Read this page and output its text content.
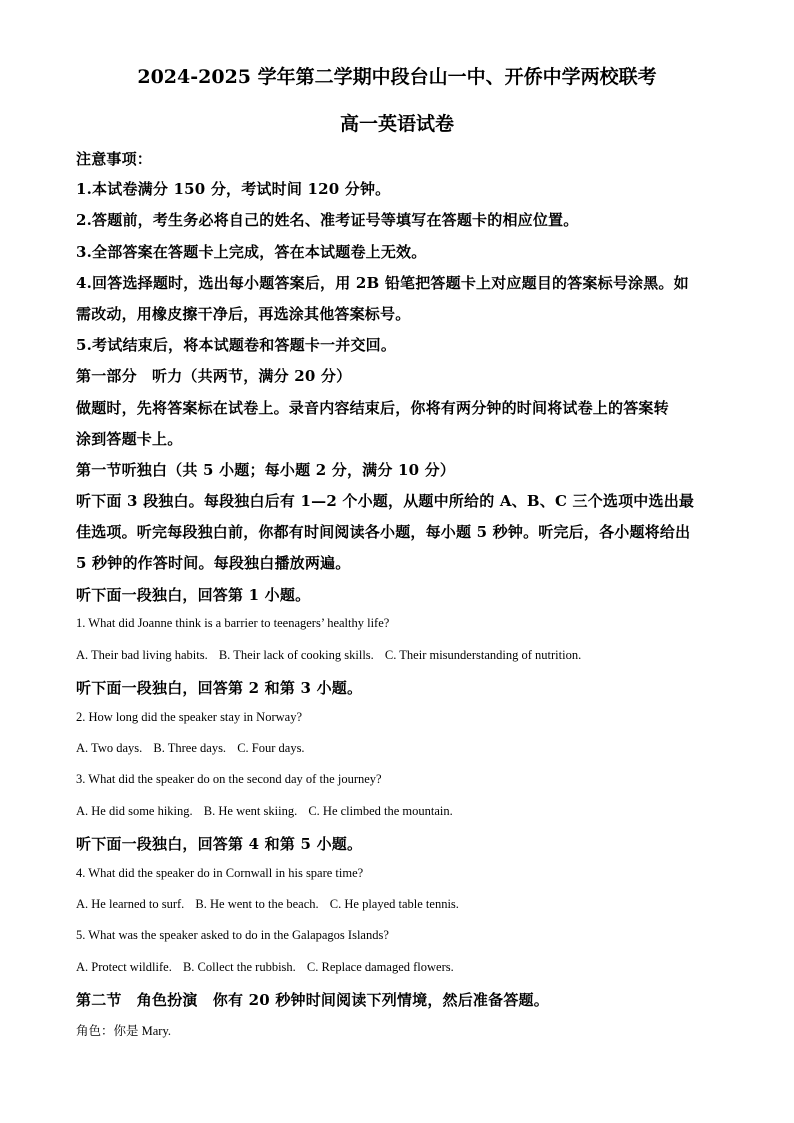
2024-2025 学年第二学期中段台山一中、开侨中学两校联考
高一英语试卷
注意事项：
1.本试卷满分 150 分，考试时间 120 分钟。
2.答题前，考生务必将自己的姓名、准考证号等填写在答题卡的相应位置。
3.全部答案在答题卡上完成，答在本试题卷上无效。
4.回答选择题时，选出每小题答案后，用 2B 铅笔把答题卡上对应题目的答案标号涂黑。如
需改动，用橡皮擦干净后，再选涂其他答案标号。
5.考试结束后，将本试题卷和答题卡一并交回。
第一部分　听力（共两节，满分 20 分）
做题时，先将答案标在试卷上。录音内容结束后，你将有两分钟的时间将试卷上的答案转
涂到答题卡上。
第一节听独白（共 5 小题；每小题 2 分，满分 10 分）
听下面 3 段独白。每段独白后有 1—2 个小题，从题中所给的 A、B、C 三个选项中选出最
佳选项。听完每段独白前，你都有时间阅读各小题，每小题 5 秒钟。听完后，各小题将给出
5 秒钟的作答时间。每段独白播放两遍。
听下面一段独白，回答第 1 小题。
1. What did Joanne think is a barrier to teenagers’ healthy life?
A. Their bad living habits. B. Their lack of cooking skills. C. Their misunderstanding of nutrition.
听下面一段独白，回答第 2 和第 3 小题。
2. How long did the speaker stay in Norway?
A. Two days. B. Three days. C. Four days.
3. What did the speaker do on the second day of the journey?
A. He did some hiking. B. He went skiing. C. He climbed the mountain.
听下面一段独白，回答第 4 和第 5 小题。
4. What did the speaker do in Cornwall in his spare time?
A. He learned to surf. B. He went to the beach. C. He played table tennis.
5. What was the speaker asked to do in the Galapagos Islands?
A. Protect wildlife. B. Collect the rubbish. C. Replace damaged flowers.
第二节　角色扮演　你有 20 秒钟时间阅读下列情境，然后准备答题。
角色：你是 Mary.
